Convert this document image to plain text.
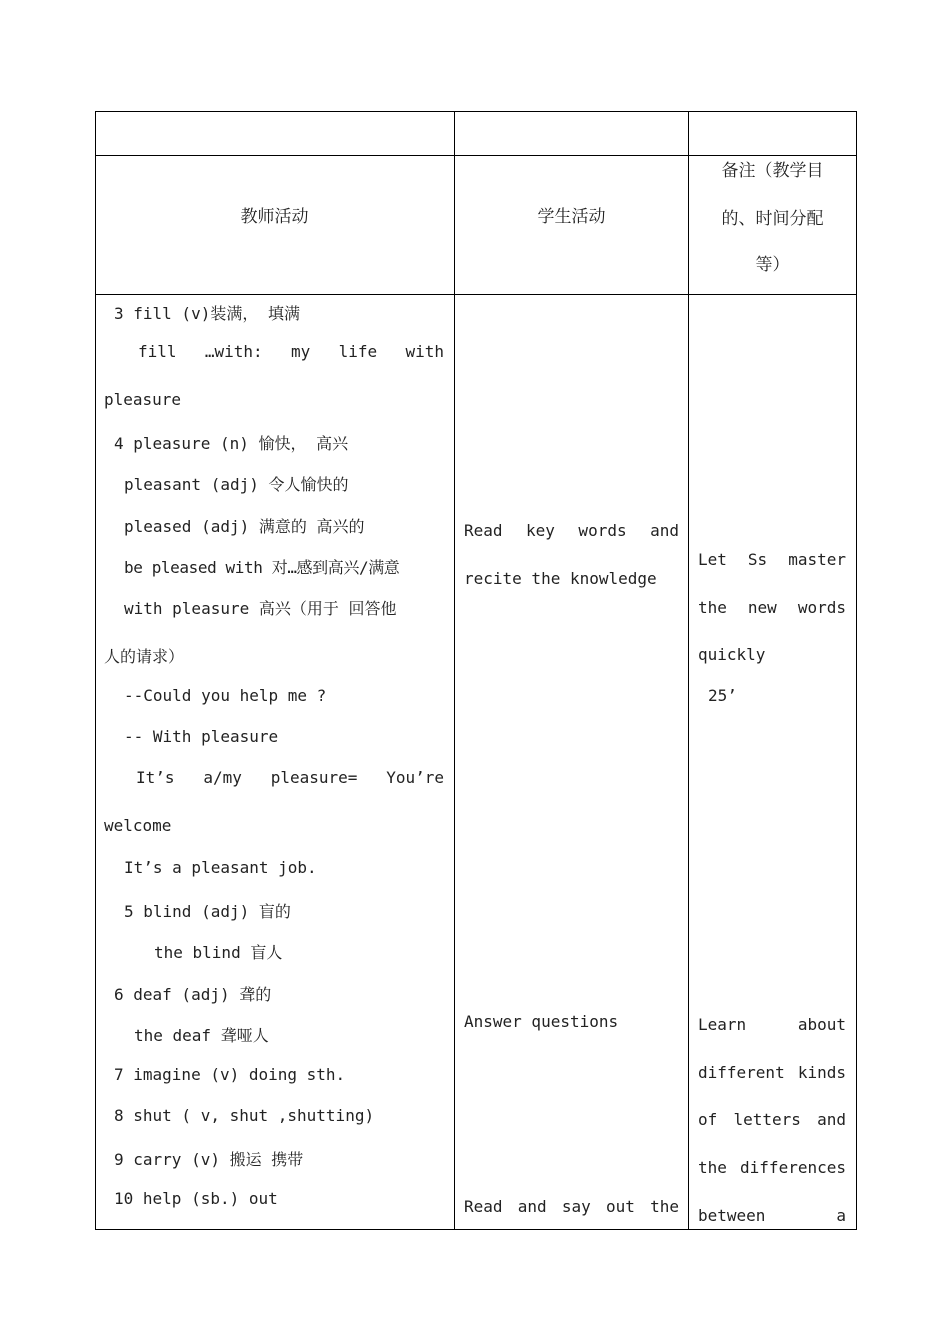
教师活动	学生活动
备注（教学目
的、时间分配
等）
3 fill (v)装满， 填满
fill …with: my life with
pleasure
4 pleasure (n) 愉快， 高兴
pleasant (adj) 令人愉快的
pleased (adj) 满意的 高兴的
be pleased with 对…感到高兴/满意
with pleasure 高兴（用于 回答他
人的请求）
--Could you help me ?
-- With pleasure
It’s a/my pleasure= You’re
welcome
It’s a pleasant job.
5 blind (adj) 盲的
the blind 盲人
6 deaf (adj) 聋的
the deaf 聋哑人
7 imagine (v) doing sth.
8 shut ( v, shut ,shutting)
9 carry (v) 搬运 携带
10 help (sb.) out
Read key words and
recite the knowledge
Answer questions
Read and say out the
Let Ss master
the new words
quickly
25’
Learn about
different kinds
of letters and
the differences
between a
